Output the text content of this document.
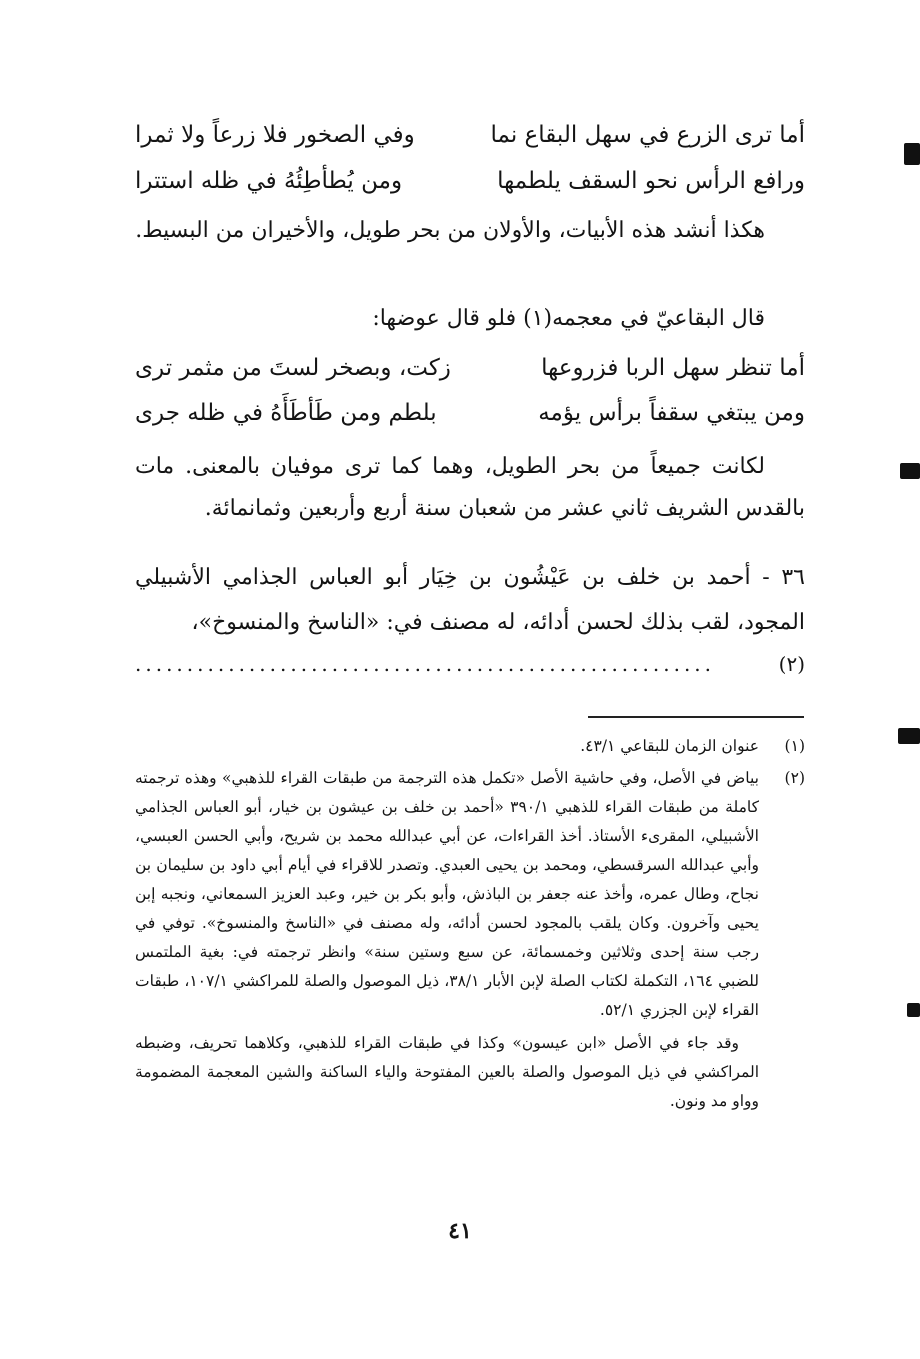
أما ترى الزرع في سهل البقاع نما
وفي الصخور فلا زرعاً ولا ثمرا
ورافع الرأس نحو السقف يلطمها
ومن يُطأطِئُهُ في ظله استترا
هكذا أنشد هذه الأبيات، والأولان من بحر طويل، والأخيران من البسيط.
قال البقاعيّ في معجمه(١) فلو قال عوضها:
أما تنظر سهل الربا فزروعها
زكت، وبصخر لستَ من مثمر ترى
ومن يبتغي سقفاً برأس يؤمه
بلطم ومن طَأطَأَهُ في ظله جرى
لكانت جميعاً من بحر الطويل، وهما كما ترى موفيان بالمعنى. مات بالقدس الشريف ثاني عشر من شعبان سنة أربع وأربعين وثمانمائة.
٣٦ - أحمد بن خلف بن عَيْشُون بن خِيَار أبو العباس الجذامي الأشبيلي المجود، لقب بذلك لحسن أدائه، له مصنف في: «الناسخ والمنسوخ»،
(٢)
........................................................
(١)

عنوان الزمان للبقاعي ٤٣/١.

(٢)

بياض في الأصل، وفي حاشية الأصل «تكمل هذه الترجمة من طبقات القراء للذهبي» وهذه ترجمته كاملة من طبقات القراء للذهبي ٣٩٠/١ «أحمد بن خلف بن عيشون بن خيار، أبو العباس الجذامي الأشبيلي، المقرىء الأستاذ. أخذ القراءات، عن أبي عبدالله محمد بن شريح، وأبي الحسن العبسي، وأبي عبدالله السرقسطي، ومحمد بن يحيى العبدي. وتصدر للاقراء في أيام أبي داود بن سليمان بن نجاح، وطال عمره، وأخذ عنه جعفر بن الباذش، وأبو بكر بن خير، وعبد العزيز السمعاني، ونجبه إبن يحيى وآخرون. وكان يلقب بالمجود لحسن أدائه، وله مصنف في «الناسخ والمنسوخ». توفي في رجب سنة إحدى وثلاثين وخمسمائة، عن سبع وستين سنة» وانظر ترجمته في: بغية الملتمس للضبي ١٦٤، التكملة لكتاب الصلة لإبن الأبار ٣٨/١، ذيل الموصول والصلة للمراكشي ١٠٧/١، طبقات القراء لإبن الجزري ٥٢/١.

وقد جاء في الأصل «ابن عيسون» وكذا في طبقات القراء للذهبي، وكلاهما تحريف، وضبطه المراكشي في ذيل الموصول والصلة بالعين المفتوحة والياء الساكنة والشين المعجمة المضمومة وواو مد ونون.

٤١
